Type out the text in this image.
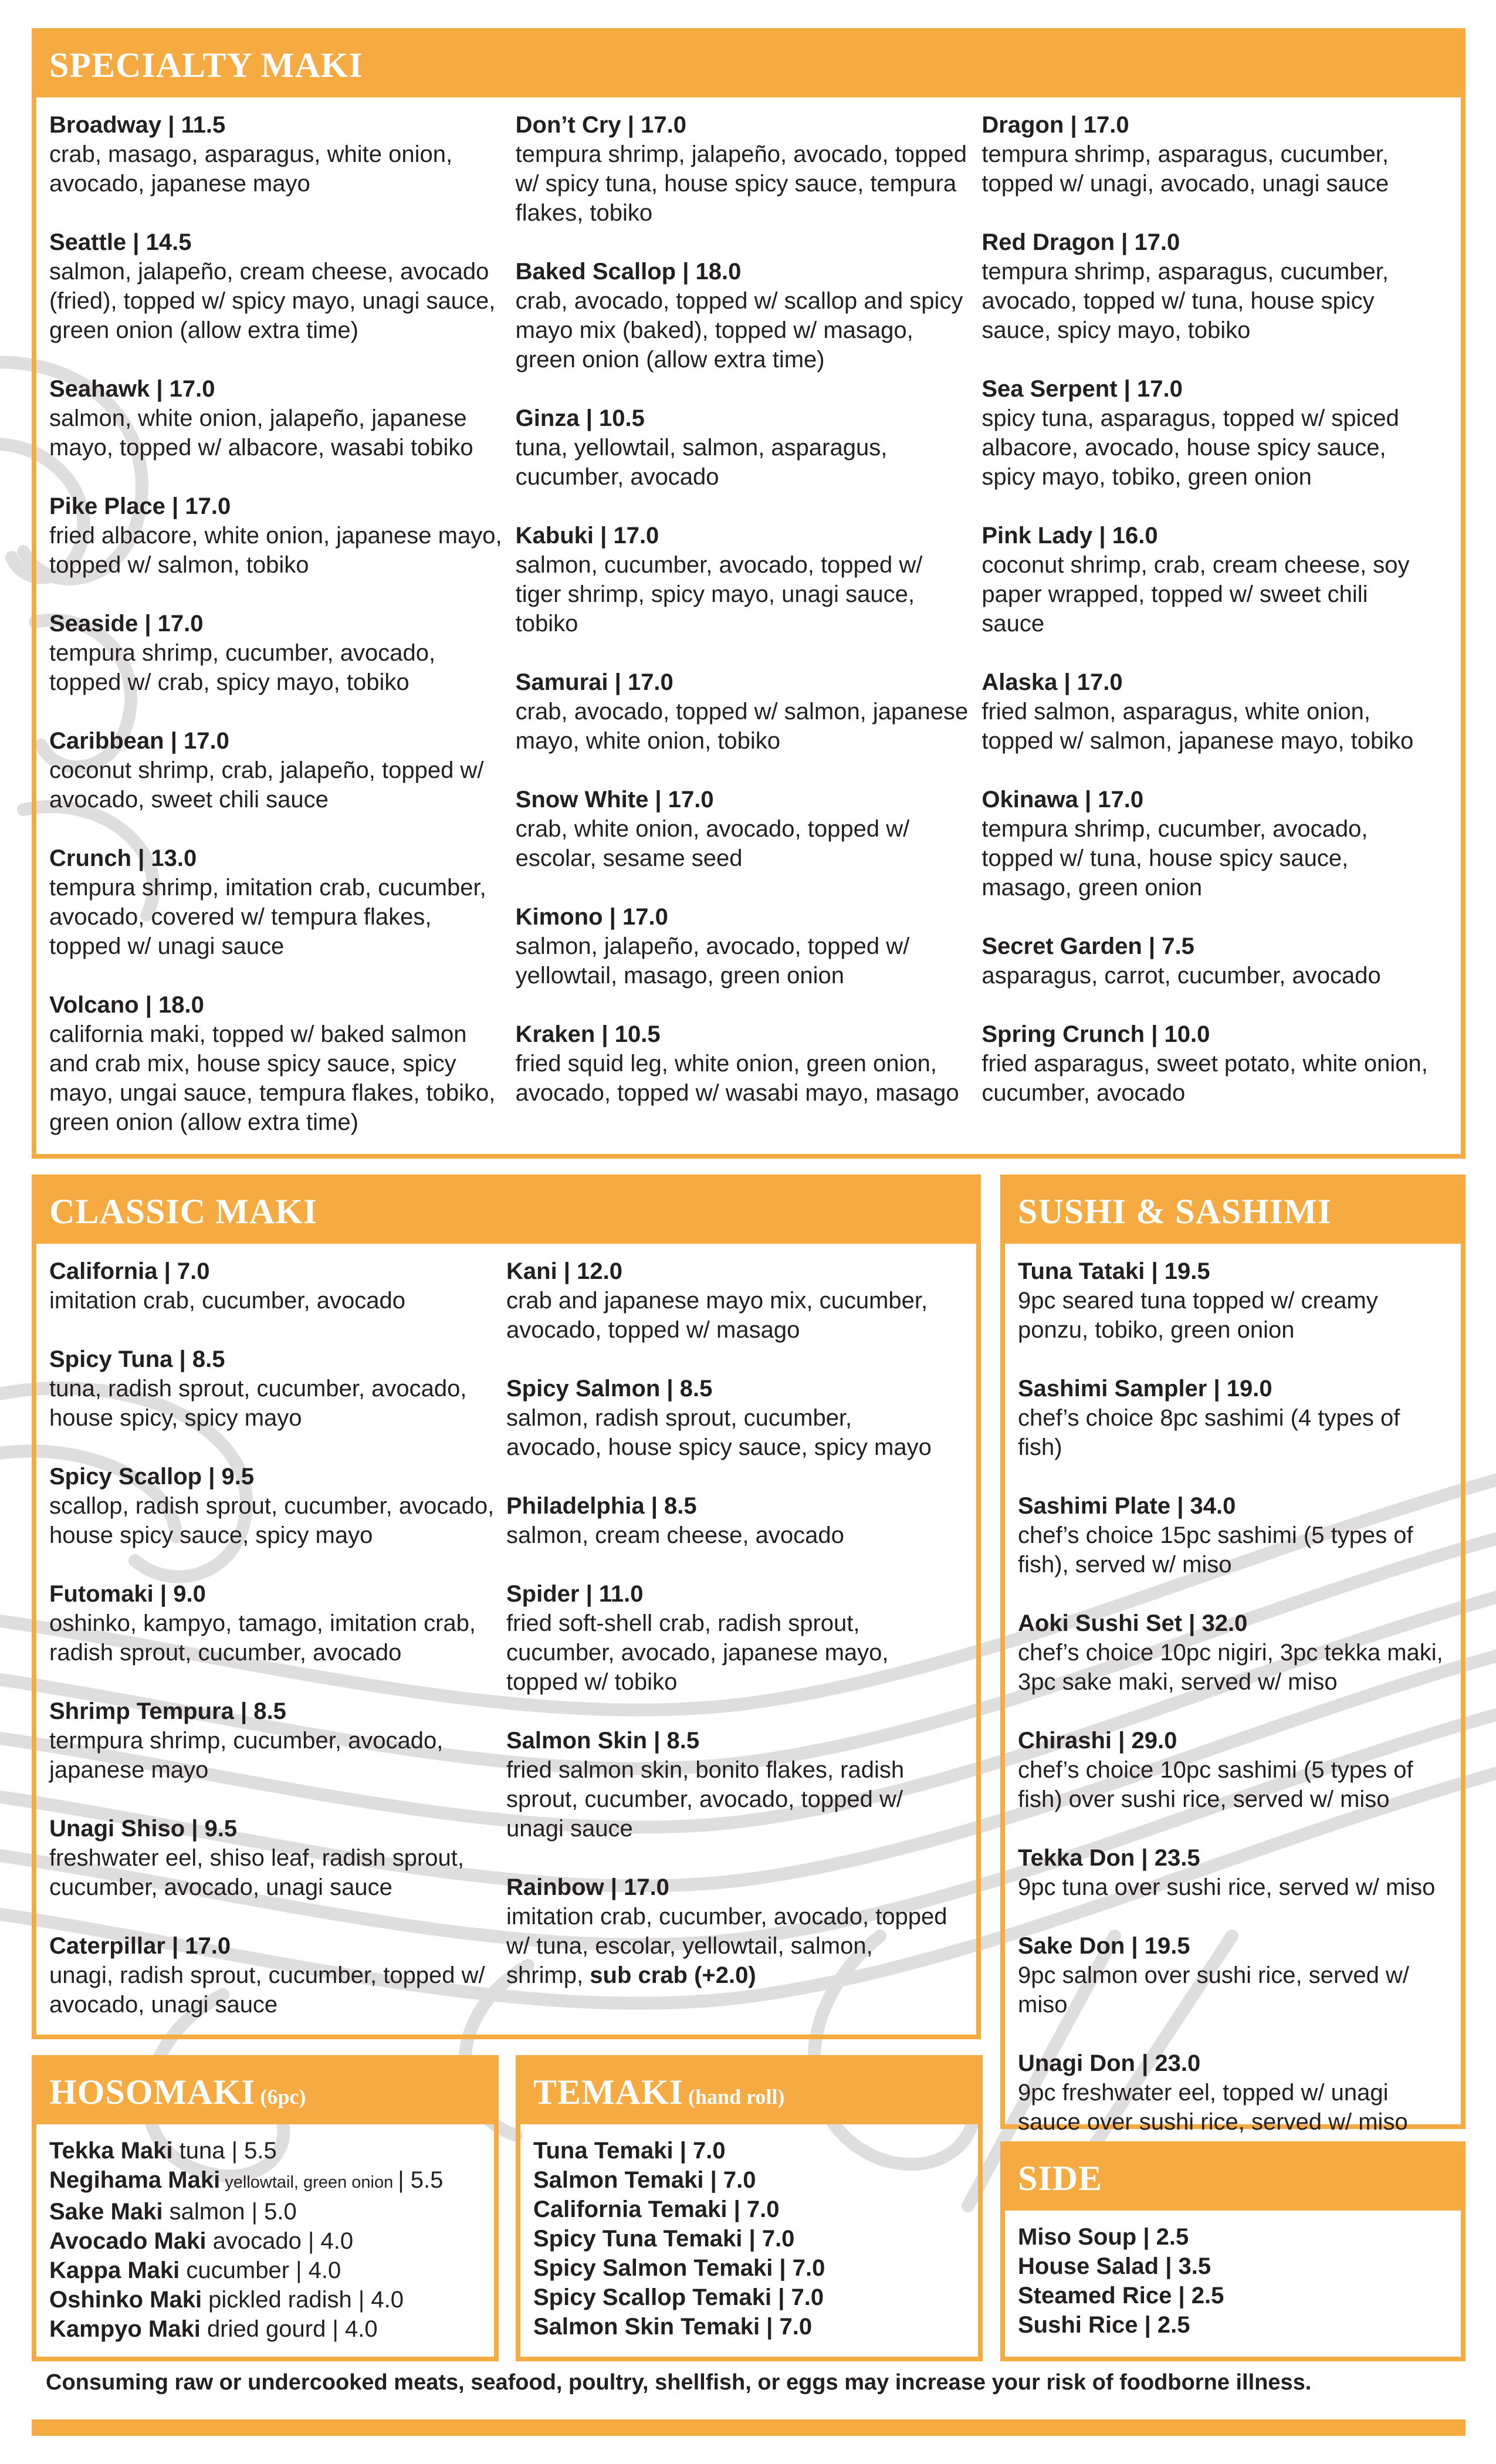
SPECIALTY MAKI
Broadway | 11.5
crab, masago, asparagus, white onion, avocado, japanese mayo
Seattle | 14.5
salmon, jalapeño, cream cheese, avocado (fried), topped w/ spicy mayo, unagi sauce, green onion (allow extra time)
Seahawk | 17.0
salmon, white onion, jalapeño, japanese mayo, topped w/ albacore, wasabi tobiko
Pike Place | 17.0
fried albacore, white onion, japanese mayo, topped w/ salmon, tobiko
Seaside | 17.0
tempura shrimp, cucumber, avocado, topped w/ crab, spicy mayo, tobiko
Caribbean | 17.0
coconut shrimp, crab, jalapeño, topped w/ avocado, sweet chili sauce
Crunch | 13.0
tempura shrimp, imitation crab, cucumber, avocado, covered w/ tempura flakes, topped w/ unagi sauce
Volcano | 18.0
california maki, topped w/ baked salmon and crab mix, house spicy sauce, spicy mayo, ungai sauce, tempura flakes, tobiko, green onion (allow extra time)
Don’t Cry | 17.0
tempura shrimp, jalapeño, avocado, topped w/ spicy tuna, house spicy sauce, tempura flakes, tobiko
Baked Scallop | 18.0
crab, avocado, topped w/ scallop and spicy mayo mix (baked), topped w/ masago, green onion (allow extra time)
Ginza | 10.5
tuna, yellowtail, salmon, asparagus, cucumber, avocado
Kabuki | 17.0
salmon, cucumber, avocado, topped w/ tiger shrimp, spicy mayo, unagi sauce, tobiko
Samurai | 17.0
crab, avocado, topped w/ salmon, japanese mayo, white onion, tobiko
Snow White | 17.0
crab, white onion, avocado, topped w/ escolar, sesame seed
Kimono | 17.0
salmon, jalapeño, avocado, topped w/ yellowtail, masago, green onion
Kraken | 10.5
fried squid leg, white onion, green onion, avocado, topped w/ wasabi mayo, masago
Dragon | 17.0
tempura shrimp, asparagus, cucumber, topped w/ unagi, avocado, unagi sauce
Red Dragon | 17.0
tempura shrimp, asparagus, cucumber, avocado, topped w/ tuna, house spicy sauce, spicy mayo, tobiko
Sea Serpent | 17.0
spicy tuna, asparagus, topped w/ spiced albacore, avocado, house spicy sauce, spicy mayo, tobiko, green onion
Pink Lady | 16.0
coconut shrimp, crab, cream cheese, soy paper wrapped, topped w/ sweet chili sauce
Alaska | 17.0
fried salmon, asparagus, white onion, topped w/ salmon, japanese mayo, tobiko
Okinawa | 17.0
tempura shrimp, cucumber, avocado, topped w/ tuna, house spicy sauce, masago, green onion
Secret Garden | 7.5
asparagus, carrot, cucumber, avocado
Spring Crunch | 10.0
fried asparagus, sweet potato, white onion, cucumber, avocado
CLASSIC MAKI
California | 7.0
imitation crab, cucumber, avocado
Spicy Tuna | 8.5
tuna, radish sprout, cucumber, avocado, house spicy, spicy mayo
Spicy Scallop | 9.5
scallop, radish sprout, cucumber, avocado, house spicy sauce, spicy mayo
Futomaki | 9.0
oshinko, kampyo, tamago, imitation crab, radish sprout, cucumber, avocado
Shrimp Tempura | 8.5
termpura shrimp, cucumber, avocado, japanese mayo
Unagi Shiso | 9.5
freshwater eel, shiso leaf, radish sprout, cucumber, avocado, unagi sauce
Caterpillar | 17.0
unagi, radish sprout, cucumber, topped w/ avocado, unagi sauce
Kani | 12.0
crab and japanese mayo mix, cucumber, avocado, topped w/ masago
Spicy Salmon | 8.5
salmon, radish sprout, cucumber, avocado, house spicy sauce, spicy mayo
Philadelphia | 8.5
salmon, cream cheese, avocado
Spider | 11.0
fried soft-shell crab, radish sprout, cucumber, avocado, japanese mayo, topped w/ tobiko
Salmon Skin | 8.5
fried salmon skin, bonito flakes, radish sprout, cucumber, avocado, topped w/ unagi sauce
Rainbow | 17.0
imitation crab, cucumber, avocado, topped w/ tuna, escolar, yellowtail, salmon, shrimp, sub crab (+2.0)
SUSHI & SASHIMI
Tuna Tataki | 19.5
9pc seared tuna topped w/ creamy ponzu, tobiko, green onion
Sashimi Sampler | 19.0
chef’s choice 8pc sashimi (4 types of fish)
Sashimi Plate | 34.0
chef’s choice 15pc sashimi (5 types of fish), served w/ miso
Aoki Sushi Set | 32.0
chef’s choice 10pc nigiri, 3pc tekka maki, 3pc sake maki, served w/ miso
Chirashi | 29.0
chef’s choice 10pc sashimi (5 types of fish) over sushi rice, served w/ miso
Tekka Don | 23.5
9pc tuna over sushi rice, served w/ miso
Sake Don | 19.5
9pc salmon over sushi rice, served w/ miso
Unagi Don | 23.0
9pc freshwater eel, topped w/ unagi sauce over sushi rice, served w/ miso
HOSOMAKI (6pc)
Tekka Maki tuna | 5.5
Negihama Maki yellowtail, green onion | 5.5
Sake Maki salmon | 5.0
Avocado Maki avocado | 4.0
Kappa Maki cucumber | 4.0
Oshinko Maki pickled radish | 4.0
Kampyo Maki dried gourd | 4.0
TEMAKI (hand roll)
Tuna Temaki | 7.0
Salmon Temaki | 7.0
California Temaki | 7.0
Spicy Tuna Temaki | 7.0
Spicy Salmon Temaki | 7.0
Spicy Scallop Temaki | 7.0
Salmon Skin Temaki | 7.0
SIDE
Miso Soup | 2.5
House Salad | 3.5
Steamed Rice | 2.5
Sushi Rice | 2.5
Consuming raw or undercooked meats, seafood, poultry, shellfish, or eggs may increase your risk of foodborne illness.
